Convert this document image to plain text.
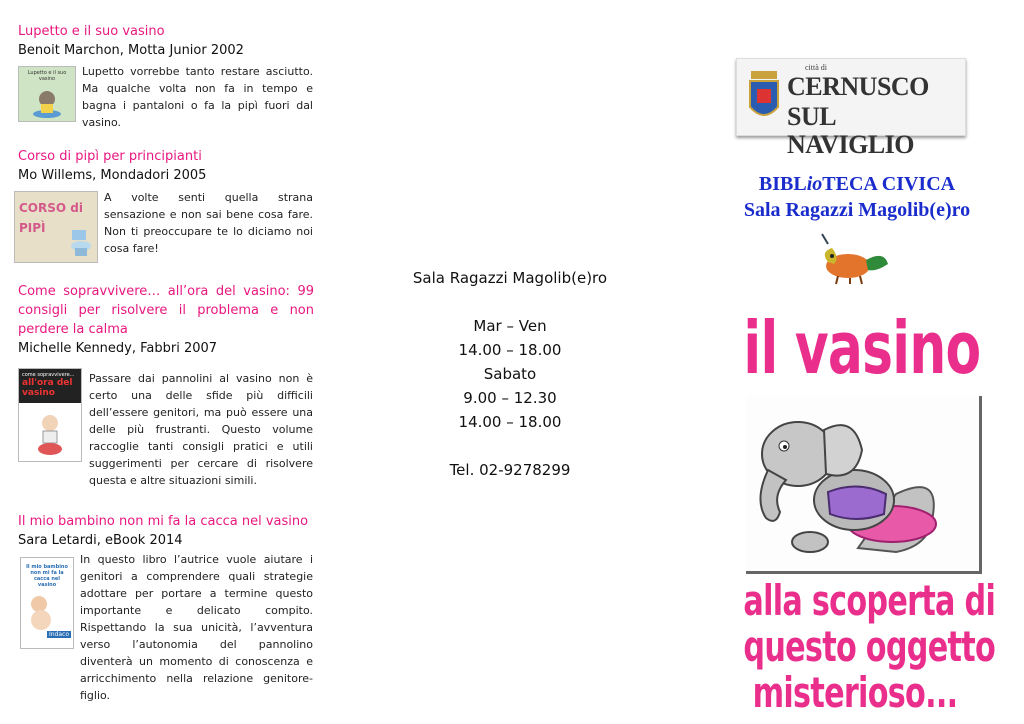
Lupetto e il suo vasino
Benoit Marchon, Motta Junior 2002
Lupetto e il suo vasino

Lupetto vorrebbe tanto restare asciutto. Ma qualche volta non fa in tempo e bagna i pantaloni o fa la pipì fuori dal vasino.

Corso di pipì per principianti
Mo Willems, Mondadori 2005
CORSO di PIPÌ

A volte senti quella strana sensazione e non sai bene cosa fare. Non ti preoccupare te lo diciamo noi cosa fare!

Come sopravvivere… all’ora del vasino: 99 consigli per risolvere il problema e non perdere la calma
Michelle Kennedy, Fabbri 2007
come sopravvivere...
all'ora del vasino

Passare dai pannolini al vasino non è certo una delle sfide più difficili dell’essere genitori, ma può essere una delle più frustranti. Questo volume raccoglie tanti consigli pratici e utili suggerimenti per cercare di risolvere questa e altre situazioni simili.

Il mio bambino non mi fa la cacca nel vasino
Sara Letardi, eBook 2014
Il mio bambino non mi fa la cacca nel vasino
Indaco

In questo libro l’autrice vuole aiutare i genitori a comprendere quali strategie adottare per portare a termine questo importante e delicato compito. Rispettando la sua unicità, l’avventura verso l’autonomia del pannolino diventerà un momento di conoscenza e arricchimento nella relazione genitore-figlio.

Sala Ragazzi Magolib(e)ro
Mar – Ven
14.00 – 18.00
Sabato
9.00 – 12.30
14.00 – 18.00
Tel. 02-9278299
città di
CERNUSCO
SUL NAVIGLIO
BIBLioTECA CIVICA
Sala Ragazzi Magolib(e)ro
il vasino
alla scoperta di
questo oggetto
misterioso...
